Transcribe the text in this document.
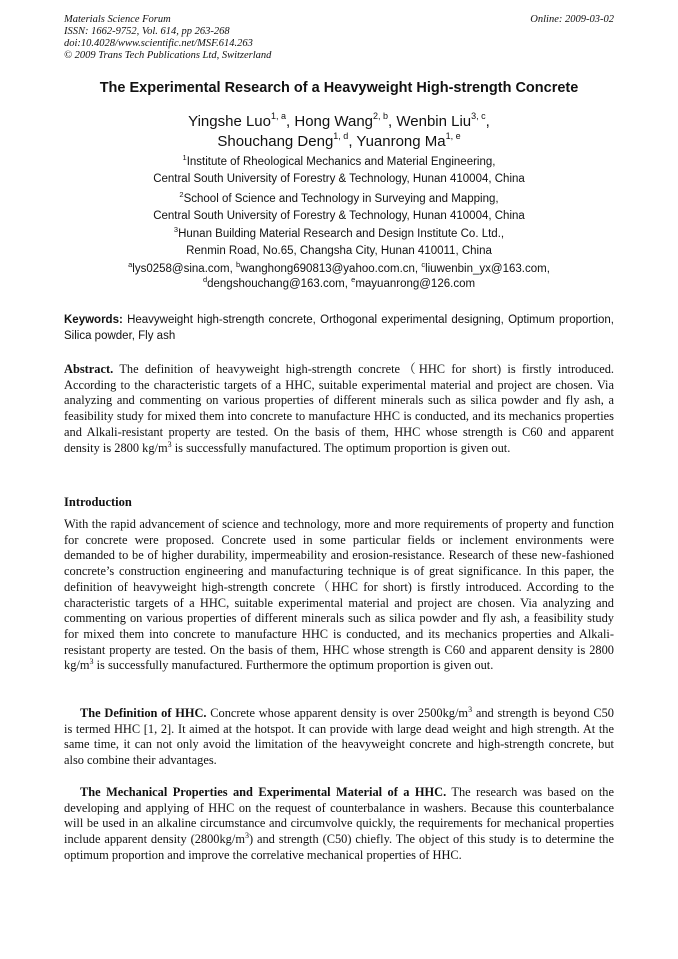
Materials Science Forum
ISSN: 1662-9752, Vol. 614, pp 263-268
doi:10.4028/www.scientific.net/MSF.614.263
© 2009 Trans Tech Publications Ltd, Switzerland
Online: 2009-03-02
The Experimental Research of a Heavyweight High-strength Concrete
Yingshe Luo$^{1, a}$, Hong Wang$^{2, b}$, Wenbin Liu$^{3, c}$,
Shouchang Deng$^{1, d}$, Yuanrong Ma$^{1, e}$
$^1$Institute of Rheological Mechanics and Material Engineering,
Central South University of Forestry & Technology, Hunan 410004, China
$^2$School of Science and Technology in Surveying and Mapping,
Central South University of Forestry & Technology, Hunan 410004, China
$^3$Hunan Building Material Research and Design Institute Co. Ltd.,
Renmin Road, No.65, Changsha City, Hunan 410011, China
$^a$lys0258@sina.com, $^b$wanghong690813@yahoo.com.cn, $^c$liuwenbin_yx@163.com,
$^d$dengshouchang@163.com, $^e$mayuanrong@126.com
Keywords: Heavyweight high-strength concrete, Orthogonal experimental designing, Optimum proportion, Silica powder, Fly ash

Abstract. The definition of heavyweight high-strength concrete（HHC for short) is firstly introduced. According to the characteristic targets of a HHC, suitable experimental material and project are chosen. Via analyzing and commenting on various properties of different minerals such as silica powder and fly ash, a feasibility study for mixed them into concrete to manufacture HHC is conducted, and its mechanics properties and Alkali-resistant property are tested. On the basis of them, HHC whose strength is C60 and apparent density is 2800 $kg/m^3$ is successfully manufactured. The optimum proportion is given out.

Introduction

With the rapid advancement of science and technology, more and more requirements of property and function for concrete were proposed. Concrete used in some particular fields or inclement environments were demanded to be of higher durability, impermeability and erosion-resistance. Research of these new-fashioned concrete’s construction engineering and manufacturing technique is of great significance. In this paper, the definition of heavyweight high-strength concrete（HHC for short) is firstly introduced. According to the characteristic targets of a HHC, suitable experimental material and project are chosen. Via analyzing and commenting on various properties of different minerals such as silica powder and fly ash, a feasibility study for mixed them into concrete to manufacture HHC is conducted, and its mechanics properties and Alkali-resistant property are tested. On the basis of them, HHC whose strength is C60 and apparent density is 2800 $kg/m^3$ is successfully manufactured. Furthermore the optimum proportion is given out.

The Definition of HHC. Concrete whose apparent density is over $2500kg/m^3$ and strength is beyond C50 is termed HHC [1, 2]. It aimed at the hotspot. It can provide with large dead weight and high strength. At the same time, it can not only avoid the limitation of the heavyweight concrete and high-strength concrete, but also combine their advantages.

The Mechanical Properties and Experimental Material of a HHC. The research was based on the developing and applying of HHC on the request of counterbalance in washers. Because this counterbalance will be used in an alkaline circumstance and circumvolve quickly, the requirements for mechanical properties include apparent density $(2800kg/m^3)$ and strength (C50) chiefly. The object of this study is to determine the optimum proportion and improve the correlative mechanical properties of HHC.
